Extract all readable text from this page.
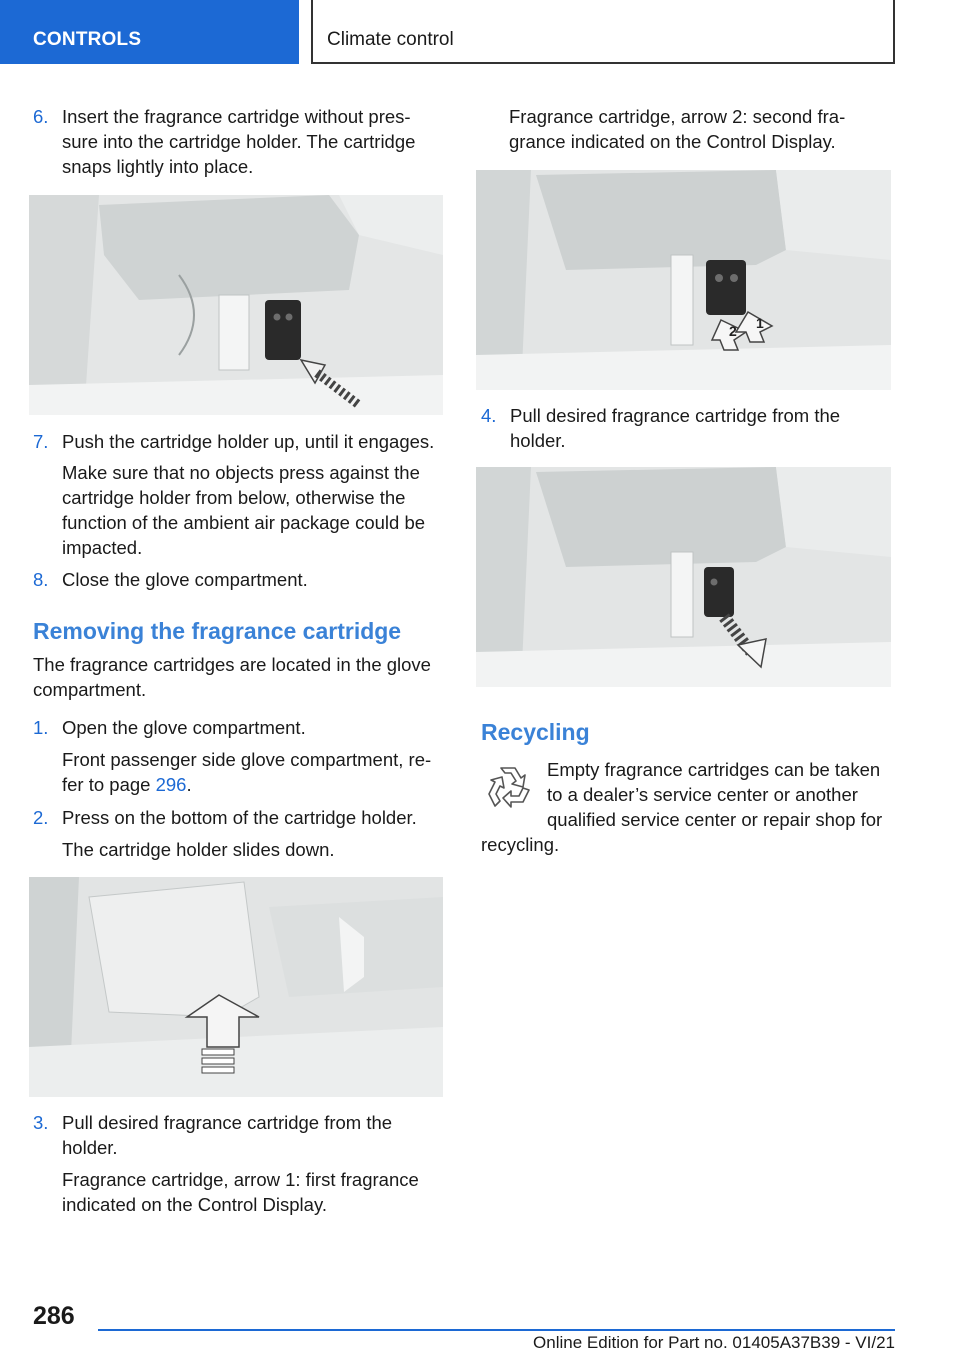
CONTROLS	Climate control
6. Insert the fragrance cartridge without pres‐
sure into the cartridge holder. The cartridge
snaps lightly into place.
7. Push the cartridge holder up, until it engages.
Make sure that no objects press against the
cartridge holder from below, otherwise the
function of the ambient air package could be
impacted.
8. Close the glove compartment.
Removing the fragrance cartridge
The fragrance cartridges are located in the glove
compartment.
1. Open the glove compartment.
Front passenger side glove compartment, re‐
fer to page 296.
2. Press on the bottom of the cartridge holder.
The cartridge holder slides down.
3. Pull desired fragrance cartridge from the
holder.
Fragrance cartridge, arrow 1: first fragrance
indicated on the Control Display.
Fragrance cartridge, arrow 2: second fra‐
grance indicated on the Control Display.
2 1
4. Pull desired fragrance cartridge from the
holder.
Recycling
Empty fragrance cartridges can be taken
to a dealer’s service center or another
qualified service center or repair shop for
recycling.
286
Online Edition for Part no. 01405A37B39 - VI/21
